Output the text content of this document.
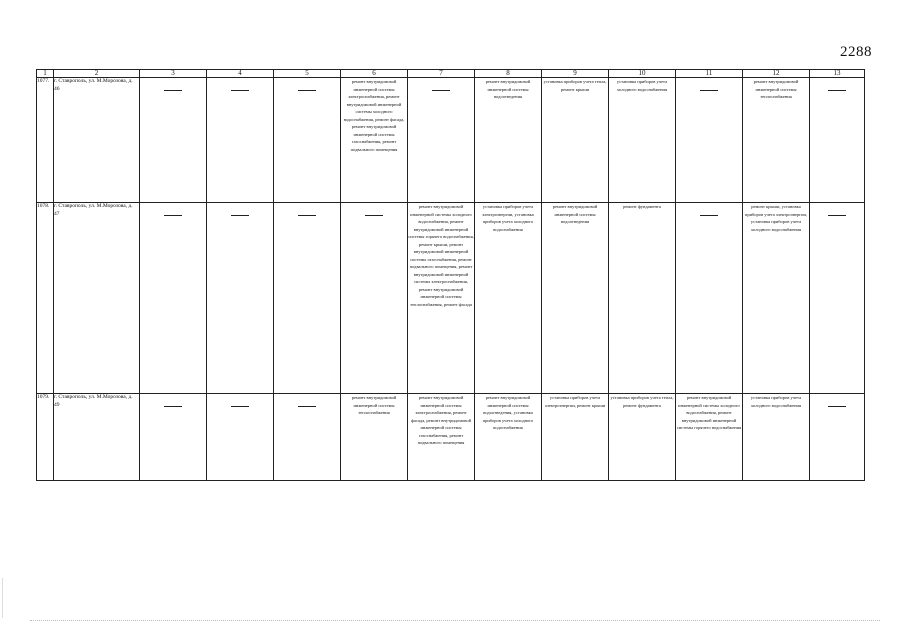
2288
1	2	3	4	5	6	7	8	9	10	11	12	13
1077.	г. Ставрополь, ул. М.Морозова, д. 46				ремонт внутридомовой инженерной системы электроснабжения, ремонт внутридомовой инженерной системы холодного водоснабжения, ремонт фасада, ремонт внутридомовой инженерной системы газоснабжения, ремонт подвального помещения		ремонт внутридомовой инженерной системы водоотведения	установка приборов учета тепла, ремонт крыши	установка приборов учета холодного водоснабжения		ремонт внутридомовой инженерной системы теплоснабжения	
1078.	г. Ставрополь, ул. М.Морозова, д. 47					ремонт внутридомовой инженерной системы холодного водоснабжения, ремонт внутридомовой инженерной системы горячего водоснабжения, ремонт крыши, ремонт внутридомовой инженерной системы газоснабжения, ремонт подвального помещения, ремонт внутридомовой инженерной системы электроснабжения, ремонт внутридомовой инженерной системы теплоснабжения, ремонт фасада	установка приборов учета электроэнергии, установка приборов учета холодного водоснабжения	ремонт внутридомовой инженерной системы водоотведения	ремонт фундамента		ремонт крыши, установка приборов учета электроэнергии, установка приборов учета холодного водоснабжения	
1079.	г. Ставрополь, ул. М.Морозова, д. 49				ремонт внутридомовой инженерной системы теплоснабжения	ремонт внутридомовой инженерной системы электроснабжения, ремонт фасада, ремонт внутридомовой инженерной системы газоснабжения, ремонт подвального помещения	ремонт внутридомовой инженерной системы водоотведения, установка приборов учета холодного водоснабжения	установка приборов учета электроэнергии, ремонт крыши	установка приборов учета тепла, ремонт фундамента	ремонт внутридомовой инженерной системы холодного водоснабжения, ремонт внутридомовой инженерной системы горячего водоснабжения	установка приборов учета холодного водоснабжения	
